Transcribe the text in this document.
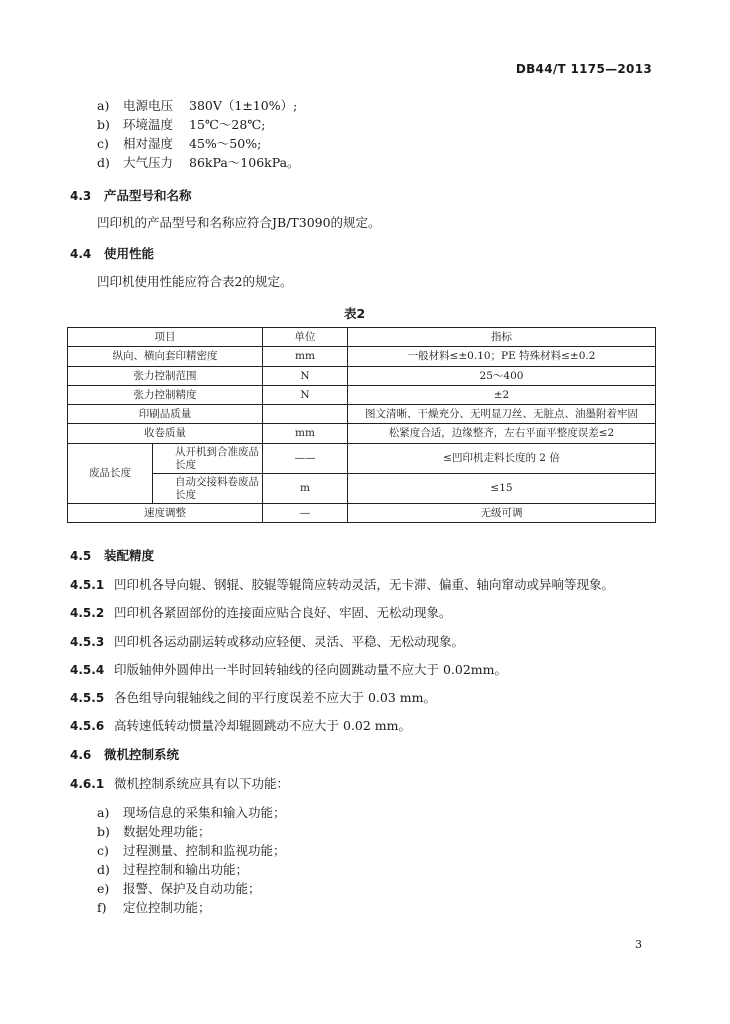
DB44/T 1175—2013
a) 电源电压 380V（1±10%）;
b) 环境温度 15℃～28℃;
c) 相对湿度 45%～50%;
d) 大气压力 86kPa～106kPa。
4.3 产品型号和名称
凹印机的产品型号和名称应符合JB/T3090的规定。
4.4 使用性能
凹印机使用性能应符合表2的规定。
表2
项目		单位	指标
纵向、横向套印精密度		mm	一般材料≤±0.10；PE 特殊材料≤±0.2
张力控制范围		N	25～400
张力控制精度		N	±2
印刷品质量			图文清晰、干燥充分、无明显刀丝、无脏点、油墨附着牢固
收卷质量		mm	松紧度合适，边缘整齐，左右平面平整度误差≤2
废品长度	从开机到合准废品长度	——	≤凹印机走料长度的 2 倍
	自动交接料卷废品长度	m	≤15
速度调整		—	无级可调
4.5 装配精度
4.5.1 凹印机各导向辊、钢辊、胶辊等辊筒应转动灵活，无卡滞、偏重、轴向窜动或异响等现象。
4.5.2 凹印机各紧固部份的连接面应贴合良好、牢固、无松动现象。
4.5.3 凹印机各运动副运转或移动应轻便、灵活、平稳、无松动现象。
4.5.4 印版轴伸外圆伸出一半时回转轴线的径向圆跳动量不应大于 0.02mm。
4.5.5 各色组导向辊轴线之间的平行度误差不应大于 0.03 mm。
4.5.6 高转速低转动惯量冷却辊圆跳动不应大于 0.02 mm。
4.6 微机控制系统
4.6.1 微机控制系统应具有以下功能：
a) 现场信息的采集和输入功能；
b) 数据处理功能；
c) 过程测量、控制和监视功能；
d) 过程控制和输出功能；
e) 报警、保护及自动功能；
f) 定位控制功能；
3
